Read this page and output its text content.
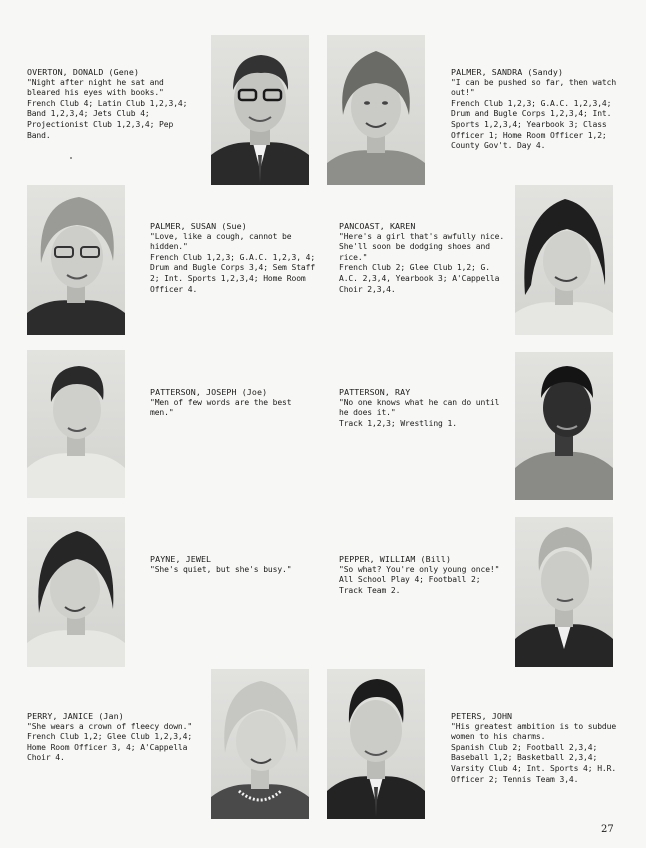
OVERTON, DONALD (Gene)
"Night after night he sat and bleared his eyes with books."
French Club 4; Latin Club 1,2,3,4; Band 1,2,3,4; Jets Club 4; Projectionist Club 1,2,3,4; Pep Band.
PALMER, SANDRA (Sandy)
"I can be pushed so far, then watch out!"
French Club 1,2,3; G.A.C. 1,2,3,4; Drum and Bugle Corps 1,2,3,4; Int. Sports 1,2,3,4; Yearbook 3; Class Officer 1; Home Room Officer 1,2; County Gov't. Day 4.
PALMER, SUSAN (Sue)
"Love, like a cough, cannot be hidden."
French Club 1,2,3; G.A.C. 1,2,3, 4; Drum and Bugle Corps 3,4; Sem Staff 2; Int. Sports 1,2,3,4; Home Room Officer 4.
PANCOAST, KAREN
"Here's a girl that's awfully nice. She'll soon be dodging shoes and rice."
French Club 2; Glee Club 1,2; G. A.C. 2,3,4, Yearbook 3; A'Cappella Choir 2,3,4.
PATTERSON, JOSEPH (Joe)
"Men of few words are the best men."
PATTERSON, RAY
"No one knows what he can do until he does it."
Track 1,2,3; Wrestling 1.
PAYNE, JEWEL
"She's quiet, but she's busy."
PEPPER, WILLIAM (Bill)
"So what? You're only young once!"
All School Play 4; Football 2; Track Team 2.
PERRY, JANICE (Jan)
"She wears a crown of fleecy down."
French Club 1,2; Glee Club 1,2,3,4; Home Room Officer 3, 4; A'Cappella Choir 4.
PETERS, JOHN
"His greatest ambition is to subdue women to his charms.
Spanish Club 2; Football 2,3,4; Baseball 1,2; Basketball 2,3,4; Varsity Club 4; Int. Sports 4; H.R. Officer 2; Tennis Team 3,4.
27
